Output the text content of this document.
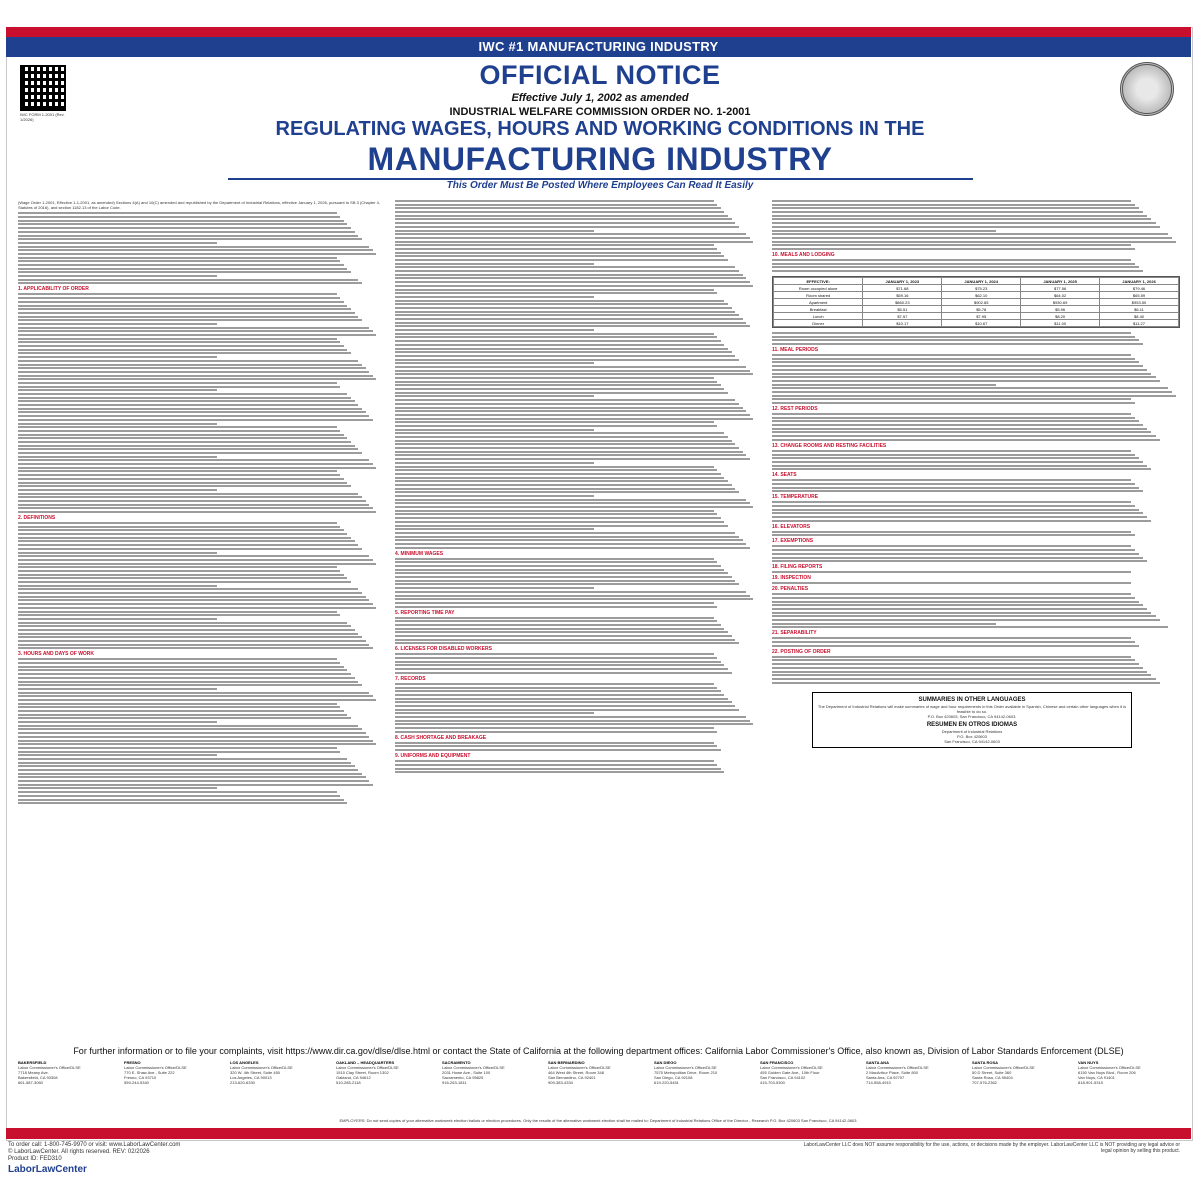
IWC #1 MANUFACTURING INDUSTRY
IWC FORM 1-2001 (Rev. 1/2026)
OFFICIAL NOTICE
Effective July 1, 2002 as amended
INDUSTRIAL WELFARE COMMISSION ORDER NO. 1-2001
REGULATING WAGES, HOURS AND WORKING CONDITIONS IN THE
MANUFACTURING INDUSTRY
This Order Must Be Posted Where Employees Can Read It Easily

(Wage Order 1-2001, Effective 1-1-2001, as amended) Sections 4(A) and 10(C) amended and republished by the Department of Industrial Relations, effective January 1, 2026, pursuant to SB 3 (Chapter 4, Statutes of 2016), and section 1182.13 of the Labor Code.

1. APPLICABILITY OF ORDER
2. DEFINITIONS
3. HOURS AND DAYS OF WORK
4. MINIMUM WAGES
5. REPORTING TIME PAY
6. LICENSES FOR DISABLED WORKERS
7. RECORDS
8. CASH SHORTAGE AND BREAKAGE
9. UNIFORMS AND EQUIPMENT
10. MEALS AND LODGING
EFFECTIVE:	JANUARY 1, 2023	JANUARY 1, 2024	JANUARY 1, 2025	JANUARY 1, 2026
Room occupied alone	$71.68	$75.23	$77.56	$79.46
Room shared	$59.16	$62.10	$64.02	$65.59
Apartment	$860.23	$902.65	$930.69	$953.50
Breakfast	$5.51	$5.78	$5.96	$6.11
Lunch	$7.57	$7.95	$8.20	$8.40
Dinner	$10.17	$10.67	$11.00	$11.27
11. MEAL PERIODS
12. REST PERIODS
13. CHANGE ROOMS AND RESTING FACILITIES
14. SEATS
15. TEMPERATURE
16. ELEVATORS
17. EXEMPTIONS
18. FILING REPORTS
19. INSPECTION
20. PENALTIES
21. SEPARABILITY
22. POSTING OF ORDER
SUMMARIES IN OTHER LANGUAGES
The Department of Industrial Relations will make summaries of wage and hour requirements in this Order available in Spanish, Chinese and certain other languages when it is feasible to do so.
P.O. Box 420603, San Francisco, CA 94142-0603.
RESUMEN EN OTROS IDIOMAS
Department of Industrial Relations
P.O. Box 420603
San Francisco, CA 94142-0603
For further information or to file your complaints, visit https://www.dir.ca.gov/dlse/dlse.html or contact the State of California at the following department offices: California Labor Commissioner's Office, also known as, Division of Labor Standards Enforcement (DLSE)
BAKERSFIELD
Labor Commissioner's Office/DLSE
7718 Meany Ave.
Bakersfield, CA 93308
661-587-3060
FRESNO
Labor Commissioner's Office/DLSE
770 E. Shaw Ave., Suite 222
Fresno, CA 93710
559-244-5340
LOS ANGELES
Labor Commissioner's Office/DLSE
320 W. 4th Street, Suite 450
Los Angeles, CA 90013
213-620-6330
OAKLAND – HEADQUARTERS
Labor Commissioner's Office/DLSE
1515 Clay Street, Room 1302
Oakland, CA 94612
510-285-2118
SACRAMENTO
Labor Commissioner's Office/DLSE
2031 Howe Ave., Suite 100
Sacramento, CA 95825
916-263-1811
SAN BERNARDINO
Labor Commissioner's Office/DLSE
464 West 4th Street, Room 348
San Bernardino, CA 92401
909-383-4334
SAN DIEGO
Labor Commissioner's Office/DLSE
7575 Metropolitan Drive, Room 210
San Diego, CA 92108
619-220-5451
SAN FRANCISCO
Labor Commissioner's Office/DLSE
455 Golden Gate Ave., 10th Floor
San Francisco, CA 94102
415-703-5300
SANTA ANA
Labor Commissioner's Office/DLSE
2 MacArthur Place, Suite 800
Santa Ana, CA 92707
714-558-4910
SANTA ROSA
Labor Commissioner's Office/DLSE
50 D Street, Suite 360
Santa Rosa, CA 95404
707-576-2362
VAN NUYS
Labor Commissioner's Office/DLSE
6150 Van Nuys Blvd., Room 206
Van Nuys, CA 91401
818-901-5315
EMPLOYERS: Do not send copies of your alternative workweek election ballots or election procedures. Only the results of the alternative workweek election shall be mailed to: Department of Industrial Relations Office of the Director - Research P.O. Box 420603 San Francisco, CA 94142-0603
To order call: 1-800-745-9970 or visit: www.LaborLawCenter.com
© LaborLawCenter. All rights reserved. REV: 02/2026
Product ID: FED310
LaborLawCenter
LaborLawCenter LLC does NOT assume responsibility for the use, actions, or decisions made by the employer. LaborLawCenter LLC is NOT providing any legal advice or legal opinion by selling this product.
